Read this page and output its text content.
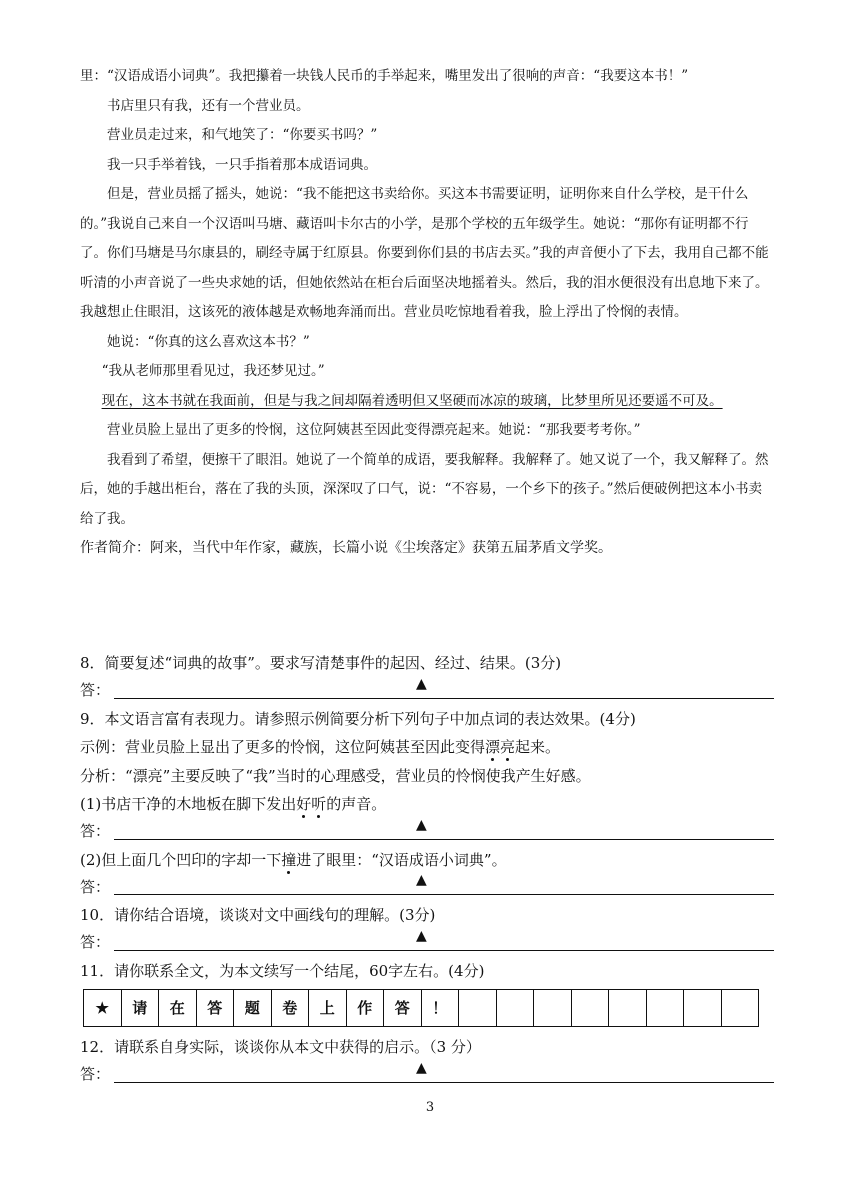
里：“汉语成语小词典”。我把攥着一块钱人民币的手举起来，嘴里发出了很响的声音：“我要这本书！”

书店里只有我，还有一个营业员。

营业员走过来，和气地笑了：“你要买书吗？”

我一只手举着钱，一只手指着那本成语词典。

但是，营业员摇了摇头，她说：“我不能把这书卖给你。买这本书需要证明，证明你来自什么学校，是干什么的。”我说自己来自一个汉语叫马塘、藏语叫卡尔古的小学，是那个学校的五年级学生。她说：“那你有证明都不行了。你们马塘是马尔康县的，刷经寺属于红原县。你要到你们县的书店去买。”我的声音便小了下去，我用自己都不能听清的小声音说了一些央求她的话，但她依然站在柜台后面坚决地摇着头。然后，我的泪水便很没有出息地下来了。我越想止住眼泪，这该死的液体越是欢畅地奔涌而出。营业员吃惊地看着我，脸上浮出了怜悯的表情。

她说：“你真的这么喜欢这本书？”

“我从老师那里看见过，我还梦见过。”

现在，这本书就在我面前，但是与我之间却隔着透明但又坚硬而冰凉的玻璃，比梦里所见还要遥不可及。

营业员脸上显出了更多的怜悯，这位阿姨甚至因此变得漂亮起来。她说：“那我要考考你。”

我看到了希望，便擦干了眼泪。她说了一个简单的成语，要我解释。我解释了。她又说了一个，我又解释了。然后，她的手越出柜台，落在了我的头顶，深深叹了口气，说：“不容易，一个乡下的孩子。”然后便破例把这本小书卖给了我。

作者简介：阿来，当代中年作家，藏族，长篇小说《尘埃落定》获第五届茅盾文学奖。

8．简要复述“词典的故事”。要求写清楚事件的起因、经过、结果。(3分)
答：	▲
9．本文语言富有表现力。请参照示例简要分析下列句子中加点词的表达效果。(4分)
示例：营业员脸上显出了更多的怜悯，这位阿姨甚至因此变得漂亮起来。
分析：“漂亮”主要反映了“我”当时的心理感受，营业员的怜悯使我产生好感。
(1)书店干净的木地板在脚下发出好听的声音。
答：	▲
(2)但上面几个凹印的字却一下撞进了眼里：“汉语成语小词典”。
答：	▲
10．请你结合语境，谈谈对文中画线句的理解。(3分)
答：	▲
11．请你联系全文，为本文续写一个结尾，60字左右。(4分)
★	请	在	答	题	卷	上	作	答	！								
12．请联系自身实际，谈谈你从本文中获得的启示。（3 分）
答：	▲
3
